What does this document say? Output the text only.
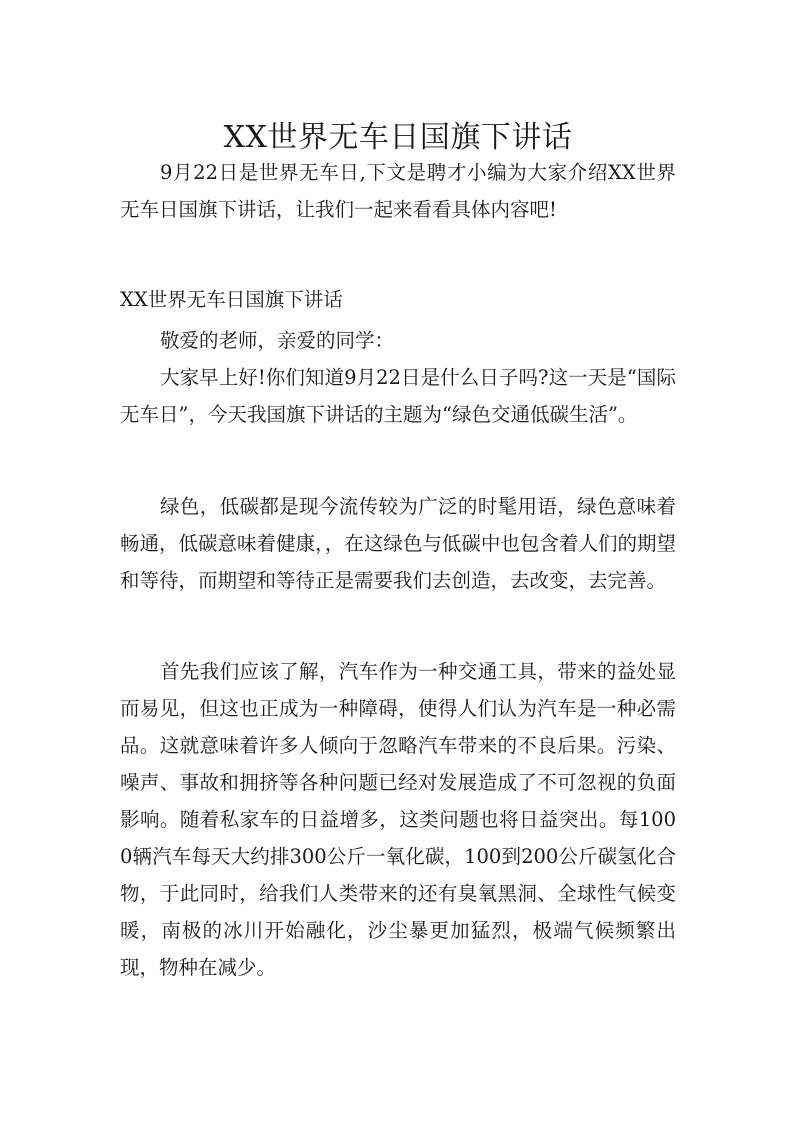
XX世界无车日国旗下讲话

9月22日是世界无车日,下文是聘才小编为大家介绍XX世界无车日国旗下讲话，让我们一起来看看具体内容吧!

XX世界无车日国旗下讲话

敬爱的老师，亲爱的同学：

大家早上好!你们知道9月22日是什么日子吗?这一天是“国际无车日”，今天我国旗下讲话的主题为“绿色交通低碳生活”。

绿色，低碳都是现今流传较为广泛的时髦用语，绿色意味着畅通，低碳意味着健康，，在这绿色与低碳中也包含着人们的期望和等待，而期望和等待正是需要我们去创造，去改变，去完善。

首先我们应该了解，汽车作为一种交通工具，带来的益处显而易见，但这也正成为一种障碍，使得人们认为汽车是一种必需品。这就意味着许多人倾向于忽略汽车带来的不良后果。污染、噪声、事故和拥挤等各种问题已经对发展造成了不可忽视的负面影响。随着私家车的日益增多，这类问题也将日益突出。每1000辆汽车每天大约排300公斤一氧化碳，100到200公斤碳氢化合物，于此同时，给我们人类带来的还有臭氧黑洞、全球性气候变暖，南极的冰川开始融化，沙尘暴更加猛烈，极端气候频繁出现，物种在减少。
